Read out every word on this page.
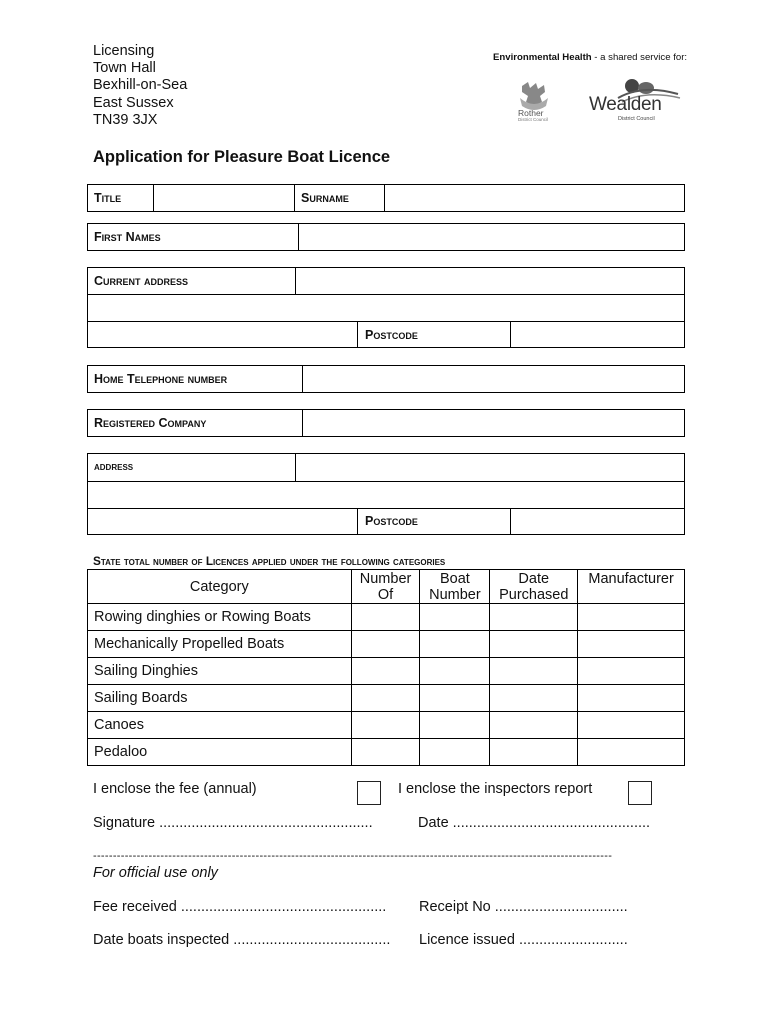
Licensing
Town Hall
Bexhill-on-Sea
East Sussex
TN39 3JX
Environmental Health - a shared service for:
Rother
District Council
Wealden
District Council
Application for Pleasure Boat Licence
Title	Surname
First Names
Current address
Postcode
Home Telephone number
Registered Company
address
Postcode
State total number of Licences applied under the following categories
Category	Number Of	Boat Number	Date Purchased	Manufacturer
Rowing dinghies or Rowing Boats				
Mechanically Propelled Boats				
Sailing Dinghies				
Sailing Boards				
Canoes				
Pedaloo				
I enclose the fee (annual)	I enclose the inspectors report
Signature .....................................................	Date .................................................
-----------------------------------------------------------------------------------------------------------------------------------
For official use only
Fee received ................................................... Receipt No .................................
Date boats inspected ....................................... Licence issued ...........................
